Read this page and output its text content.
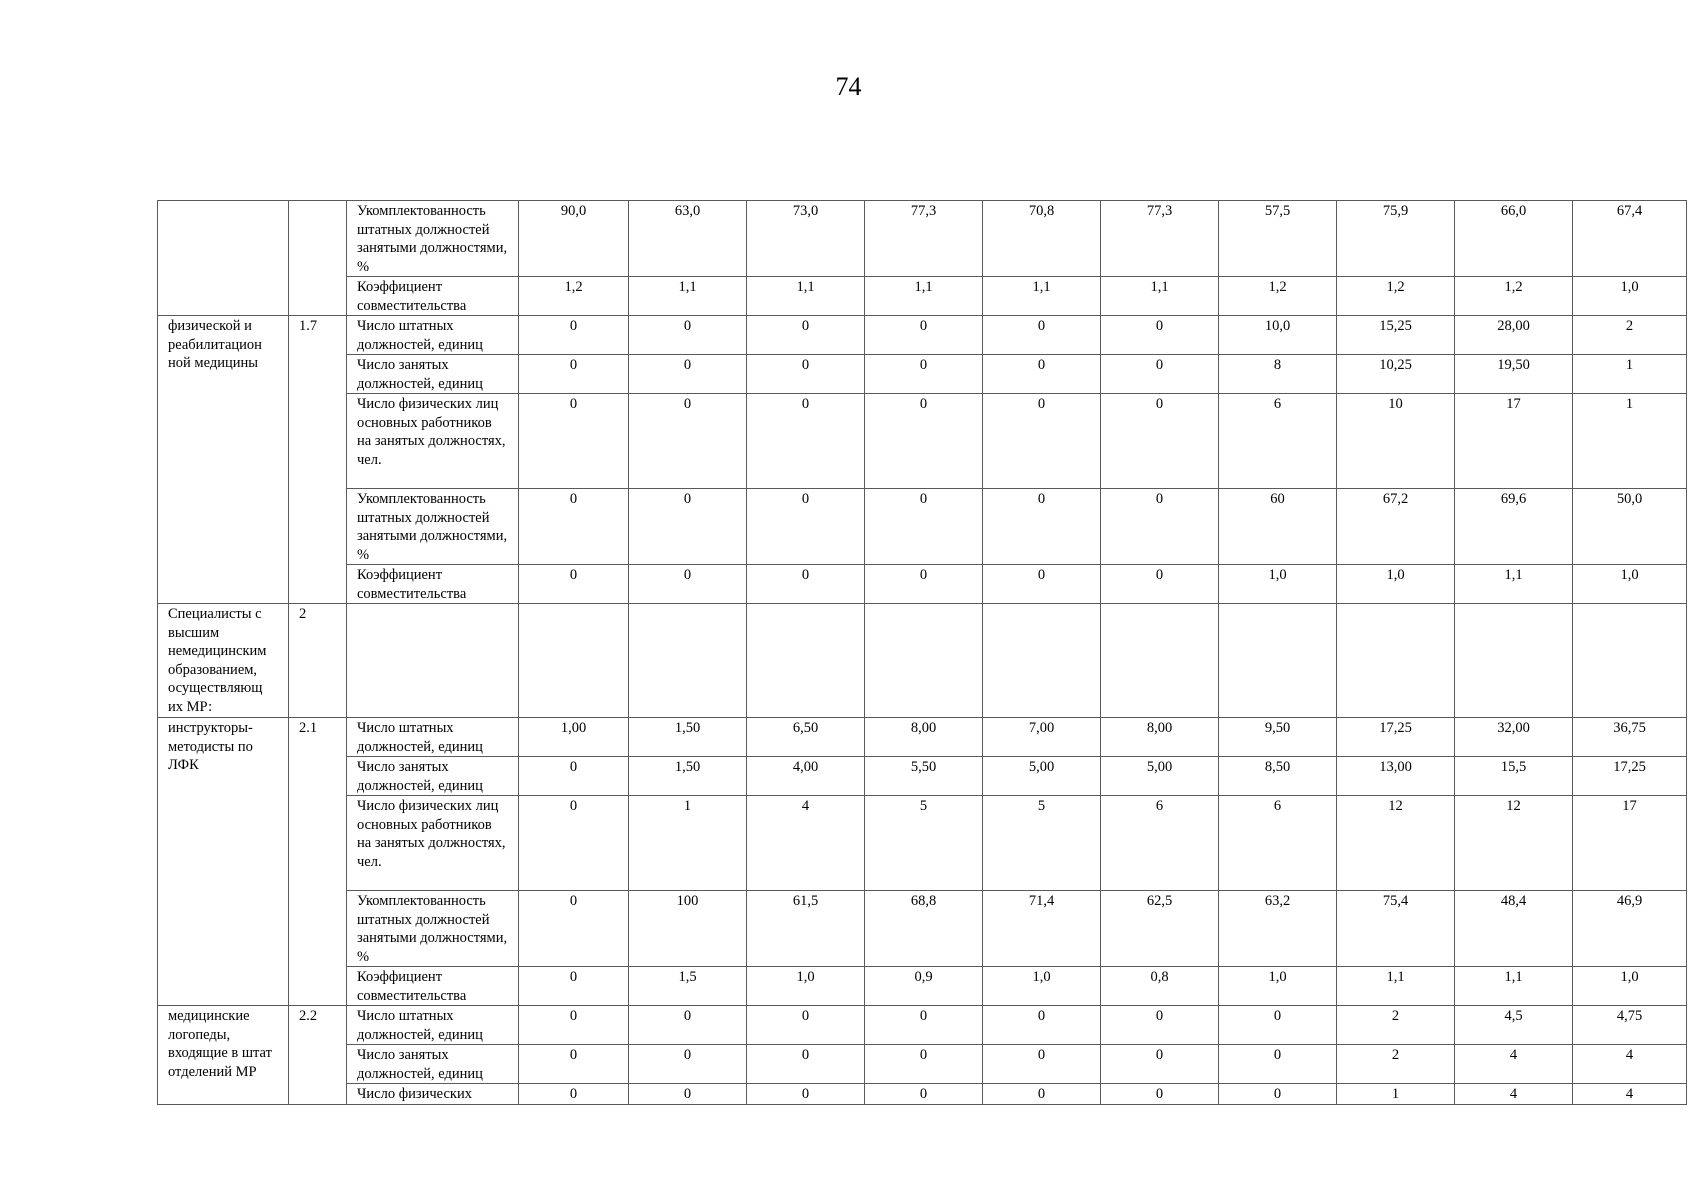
74
		Укомплектованность штатных должностей занятыми должностями, %	90,0	63,0	73,0	77,3	70,8	77,3	57,5	75,9	66,0	67,4
		Коэффициент совместительства	1,2	1,1	1,1	1,1	1,1	1,1	1,2	1,2	1,2	1,0
физической и реабилитацион ной медицины	1.7	Число штатных должностей, единиц	0	0	0	0	0	0	10,0	15,25	28,00	2
		Число занятых должностей, единиц	0	0	0	0	0	0	8	10,25	19,50	1
		Число физических лиц основных работников на занятых должностях, чел.	0	0	0	0	0	0	6	10	17	1
		Укомплектованность штатных должностей занятыми должностями, %	0	0	0	0	0	0	60	67,2	69,6	50,0
		Коэффициент совместительства	0	0	0	0	0	0	1,0	1,0	1,1	1,0
Специалисты с высшим немедицинским образованием, осуществляющ их МР:	2											
инструкторы-методисты по ЛФК	2.1	Число штатных должностей, единиц	1,00	1,50	6,50	8,00	7,00	8,00	9,50	17,25	32,00	36,75
		Число занятых должностей, единиц	0	1,50	4,00	5,50	5,00	5,00	8,50	13,00	15,5	17,25
		Число физических лиц основных работников на занятых должностях, чел.	0	1	4	5	5	6	6	12	12	17
		Укомплектованность штатных должностей занятыми должностями, %	0	100	61,5	68,8	71,4	62,5	63,2	75,4	48,4	46,9
		Коэффициент совместительства	0	1,5	1,0	0,9	1,0	0,8	1,0	1,1	1,1	1,0
медицинские логопеды, входящие в штат отделений МР	2.2	Число штатных должностей, единиц	0	0	0	0	0	0	0	2	4,5	4,75
		Число занятых должностей, единиц	0	0	0	0	0	0	0	2	4	4
		Число физических	0	0	0	0	0	0	0	1	4	4
